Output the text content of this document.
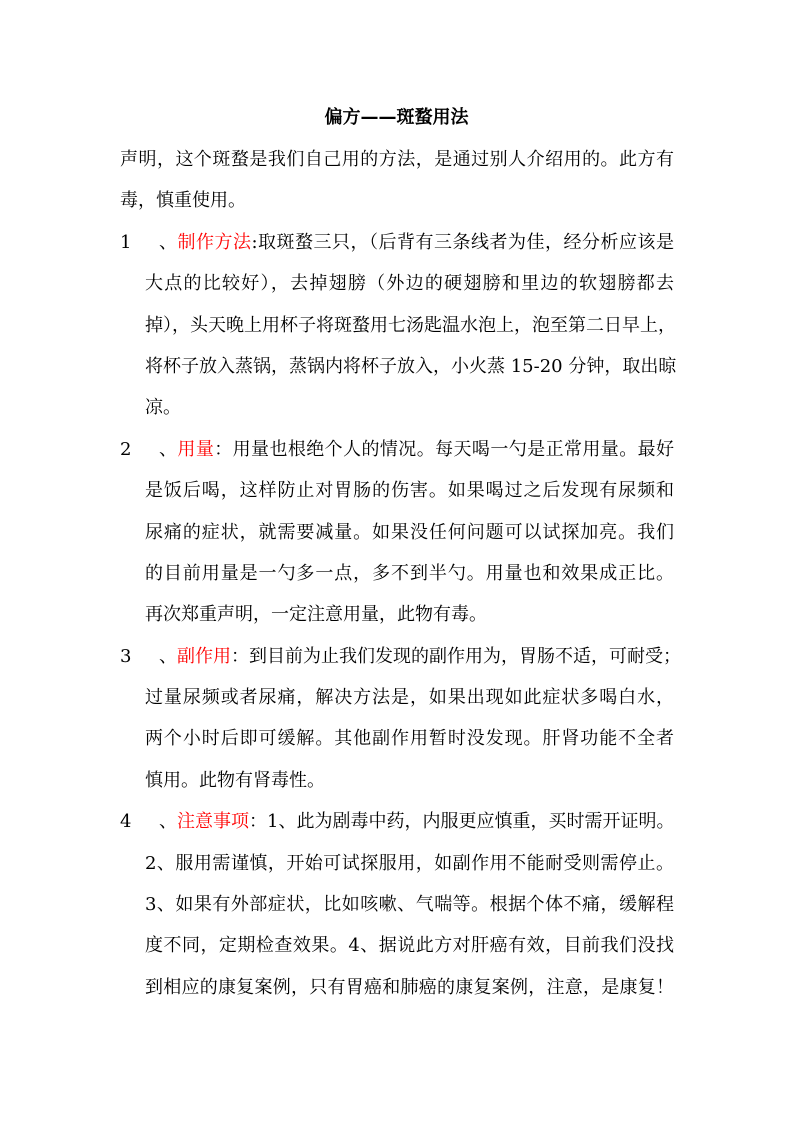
偏方——斑蝥用法
声明，这个斑蝥是我们自己用的方法，是通过别人介绍用的。此方有
毒，慎重使用。
1、制作方法:取斑蝥三只，（后背有三条线者为佳，经分析应该是
大点的比较好），去掉翅膀（外边的硬翅膀和里边的软翅膀都去
掉），头天晚上用杯子将斑蝥用七汤匙温水泡上，泡至第二日早上，
将杯子放入蒸锅，蒸锅内将杯子放入，小火蒸 15-20 分钟，取出晾
凉。
2、用量：用量也根绝个人的情况。每天喝一勺是正常用量。最好
是饭后喝，这样防止对胃肠的伤害。如果喝过之后发现有尿频和
尿痛的症状，就需要减量。如果没任何问题可以试探加亮。我们
的目前用量是一勺多一点，多不到半勺。用量也和效果成正比。
再次郑重声明，一定注意用量，此物有毒。
3、副作用：到目前为止我们发现的副作用为，胃肠不适，可耐受；
过量尿频或者尿痛，解决方法是，如果出现如此症状多喝白水，
两个小时后即可缓解。其他副作用暂时没发现。肝肾功能不全者
慎用。此物有肾毒性。
4、注意事项：1、此为剧毒中药，内服更应慎重，买时需开证明。
2、服用需谨慎，开始可试探服用，如副作用不能耐受则需停止。
3、如果有外部症状，比如咳嗽、气喘等。根据个体不痛，缓解程
度不同，定期检查效果。4、据说此方对肝癌有效，目前我们没找
到相应的康复案例，只有胃癌和肺癌的康复案例，注意，是康复！
